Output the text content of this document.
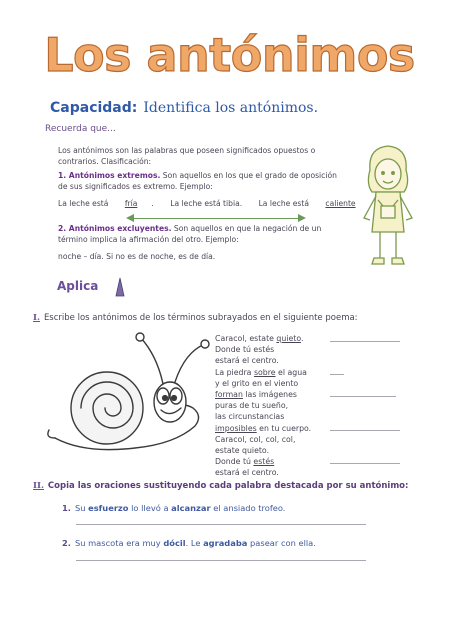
Los antónimos
Capacidad: Identifica los antónimos.
Recuerda que...
Los antónimos son las palabras que poseen significados opuestos o contrarios. Clasificación:
1. Antónimos extremos. Son aquellos en los que el grado de oposición de sus significados es extremo. Ejemplo:
La leche está fría . La leche está tibia. La leche está caliente .
2. Antónimos excluyentes. Son aquellos en que la negación de un término implica la afirmación del otro. Ejemplo:
noche – día. Si no es de noche, es de día.
Aplica
I. Escribe los antónimos de los términos subrayados en el siguiente poema:
Caracol, estate quieto.
Donde tú estés
estará el centro.
La piedra sobre el agua
y el grito en el viento
forman las imágenes
puras de tu sueño,
las circunstancias
imposibles en tu cuerpo.
Caracol, col, col, col,
estate quieto.
Donde tú estés
estará el centro.
II. Copia las oraciones sustituyendo cada palabra destacada por su antónimo:
1. Su esfuerzo lo llevó a alcanzar el ansiado trofeo.
2. Su mascota era muy dócil. Le agradaba pasear con ella.
